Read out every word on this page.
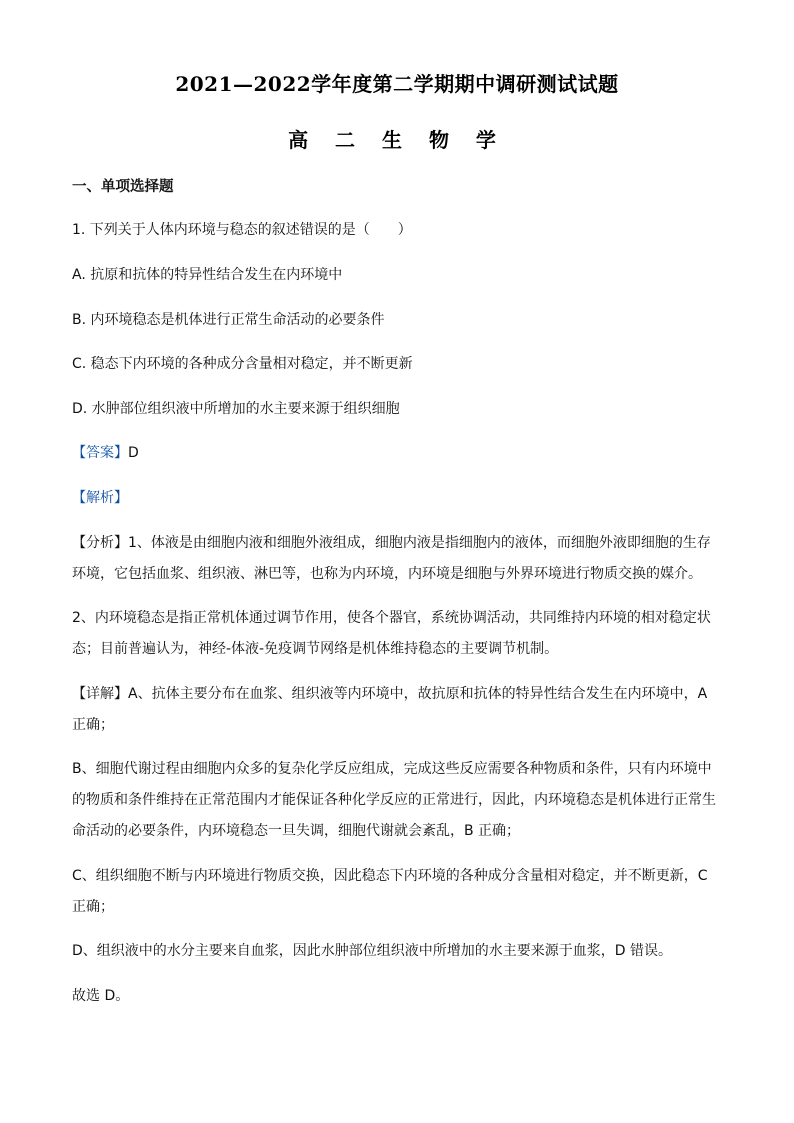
2021—2022学年度第二学期期中调研测试试题
高 二 生 物 学
一、单项选择题
1. 下列关于人体内环境与稳态的叙述错误的是（　　）
A. 抗原和抗体的特异性结合发生在内环境中
B. 内环境稳态是机体进行正常生命活动的必要条件
C. 稳态下内环境的各种成分含量相对稳定，并不断更新
D. 水肿部位组织液中所增加的水主要来源于组织细胞
【答案】D
【解析】
【分析】1、体液是由细胞内液和细胞外液组成，细胞内液是指细胞内的液体，而细胞外液即细胞的生存
环境，它包括血浆、组织液、淋巴等，也称为内环境，内环境是细胞与外界环境进行物质交换的媒介。
2、内环境稳态是指正常机体通过调节作用，使各个器官，系统协调活动，共同维持内环境的相对稳定状
态；目前普遍认为，神经-体液-免疫调节网络是机体维持稳态的主要调节机制。
【详解】A、抗体主要分布在血浆、组织液等内环境中，故抗原和抗体的特异性结合发生在内环境中，A
正确；
B、细胞代谢过程由细胞内众多的复杂化学反应组成，完成这些反应需要各种物质和条件，只有内环境中
的物质和条件维持在正常范围内才能保证各种化学反应的正常进行，因此，内环境稳态是机体进行正常生
命活动的必要条件，内环境稳态一旦失调，细胞代谢就会紊乱，B 正确；
C、组织细胞不断与内环境进行物质交换，因此稳态下内环境的各种成分含量相对稳定，并不断更新，C
正确；
D、组织液中的水分主要来自血浆，因此水肿部位组织液中所增加的水主要来源于血浆，D 错误。
故选 D。
